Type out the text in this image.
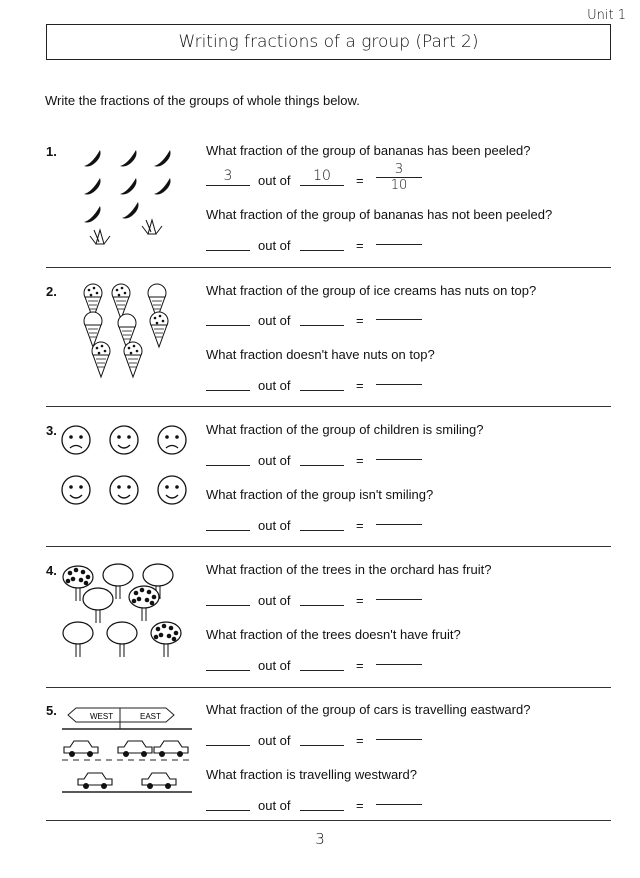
Unit 1
Writing fractions of a group (Part 2)
Write the fractions of the groups of whole things below.
1.	What fraction of the group of bananas has been peeled?
3	out of	10	= $\frac{3}{10}$
What fraction of the group of bananas has not been peeled?
out of	=
2.	What fraction of the group of ice creams has nuts on top?
out of	=
What fraction doesn't have nuts on top?
out of	=
3.	What fraction of the group of children is smiling?
out of	=
What fraction of the group isn't smiling?
out of	=
4.	What fraction of the trees in the orchard has fruit?
out of	=
What fraction of the trees doesn't have fruit?
out of	=
5.	What fraction of the group of cars is travelling eastward?
out of	=
What fraction is travelling westward?
out of	=
WEST	EAST
3
